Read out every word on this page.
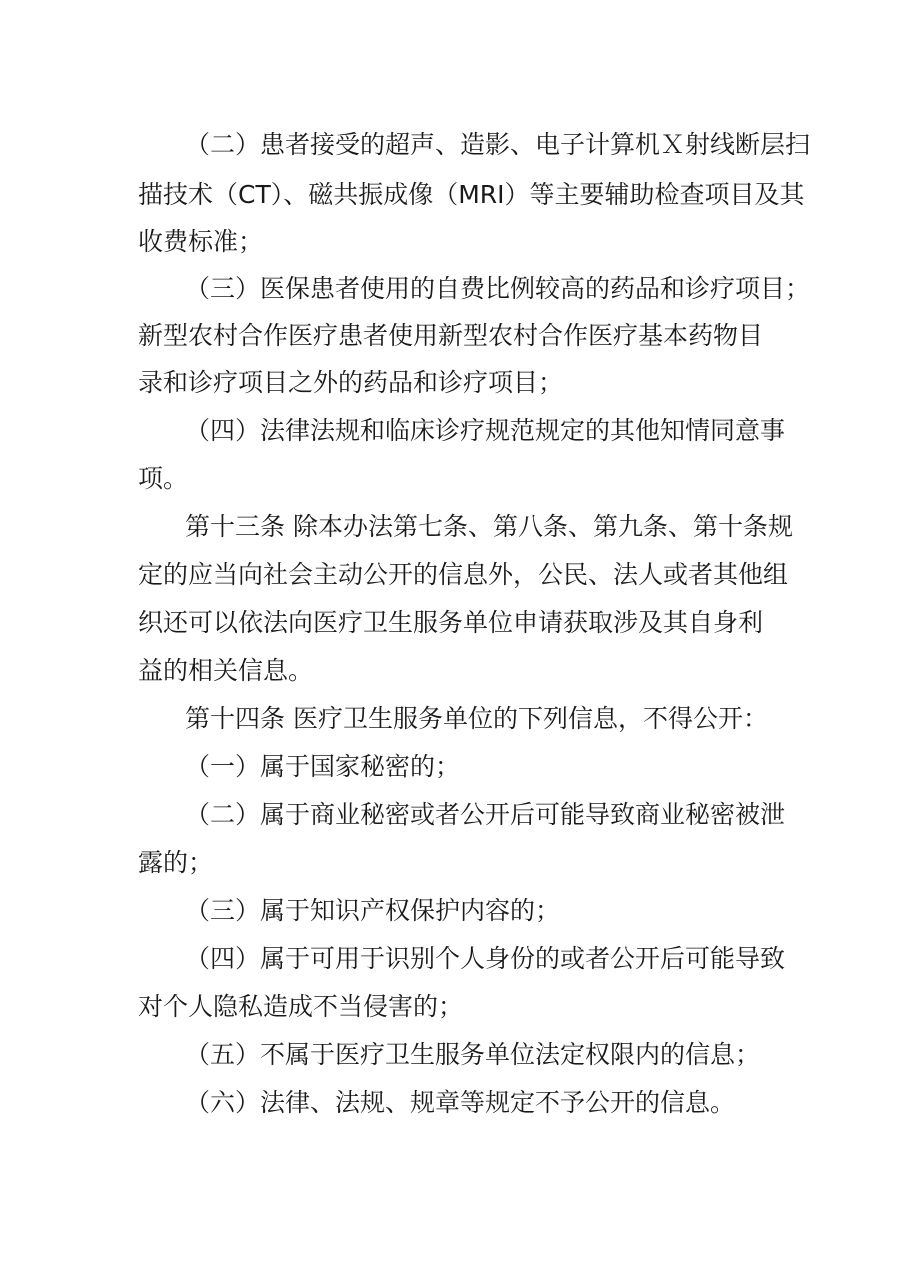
（二）患者接受的超声、造影、电子计算机Ｘ射线断层扫
描技术（CT）、磁共振成像（MRI）等主要辅助检查项目及其
收费标准；
（三）医保患者使用的自费比例较高的药品和诊疗项目；
新型农村合作医疗患者使用新型农村合作医疗基本药物目
录和诊疗项目之外的药品和诊疗项目；
（四）法律法规和临床诊疗规范规定的其他知情同意事
项。
第十三条 除本办法第七条、第八条、第九条、第十条规
定的应当向社会主动公开的信息外，公民、法人或者其他组
织还可以依法向医疗卫生服务单位申请获取涉及其自身利
益的相关信息。
第十四条 医疗卫生服务单位的下列信息，不得公开：
（一）属于国家秘密的；
（二）属于商业秘密或者公开后可能导致商业秘密被泄
露的；
（三）属于知识产权保护内容的；
（四）属于可用于识别个人身份的或者公开后可能导致
对个人隐私造成不当侵害的；
（五）不属于医疗卫生服务单位法定权限内的信息；
（六）法律、法规、规章等规定不予公开的信息。
